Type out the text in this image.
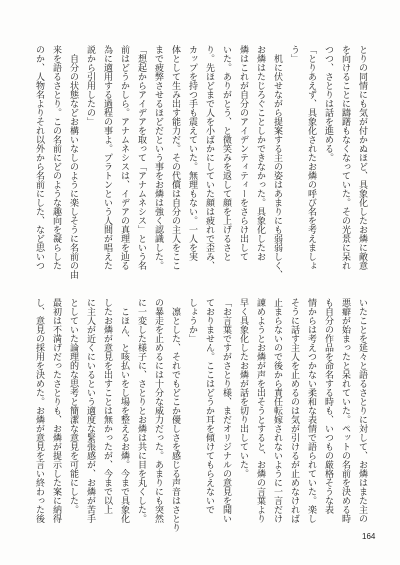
とりの同情にも気が付かぬほど、具象化したお燐に敵意
を向けることに躊躇もなくなっていた。その光景に呆れ
つつ、さとりは話を進める。
「とりあえず、具象化されたお燐の呼び名を考えましょ
う」
　机に伏せながら提案する主の姿はあまりにも弱弱しく、
お燐はたじろぐことしかできなかった。具象化したお
燐はこれが自分のアイデンティティーをさらけ出して
いた。ありがとう、と微笑みを返して顔を上げるさと
り。先ほどまで人を小ばかにしていた顔は疲れで歪み、
カップを持つ手も震えていた。無理もない。一人を実
体として生み出す能力だ。その代償は自分の主人をここ
まで疲弊させるほどだという事をお燐は強く認識した。
「想起からアイデアを取って「アナムネシス」という名
前はどうかしら。アナムネシスは、イデアの真理を辿る
為に適用する過程の事よ。プラトンという人間が唱えた
説から引用したの」
　自分の状態などお構いなしのように楽しそうに名前の由
来を語るさとり。この名前にどのような趣向を凝らした
のか、人物名よりそれ以外から名前にした、など思いつ
いたことを延々と語るさとりに対して、お燐はまた主の
悪癖が始まったと呆れていた。ペットの名前を決める時
も自分の作品を命名する時も、いつもの厳格そうな表
情からは考えつかない柔和な表情で語られていた。楽し
そうに話す主人を止めるのは気が引けるが止めなければ
止まらないので後から責任転嫁されないように一言だけ
諌めようとお燐が声を出そうとすると、お燐の言葉より
早く具象化したお燐が話を切り出していた。
「お言葉ですがさとり様、まだオリジナルの意見を聞い
ておりません。ここはどうか耳を傾けてもらえないで
しょうか」
　凛とした、それでもどこか優しさを感じる声音はさとり
の暴走を止めるには十分な威力だった。あまりにも突然
に一変した様子に、さとりとお燐は共に目を丸くした。
　こほん、と咳払いをし場を整えるお燐。今まで具象化
したお燐が意見を出すことは無かったが、今まで以上
に主人が近くにいるという適度な緊張感が、お燐が苦手
としていた論理的な思考と簡潔な意見を可能にした。
最初は不満げだったさとりも、お燐が提示した案に納得
し、意見の採用を決めた。お燐が意見を言い終わった後
164
